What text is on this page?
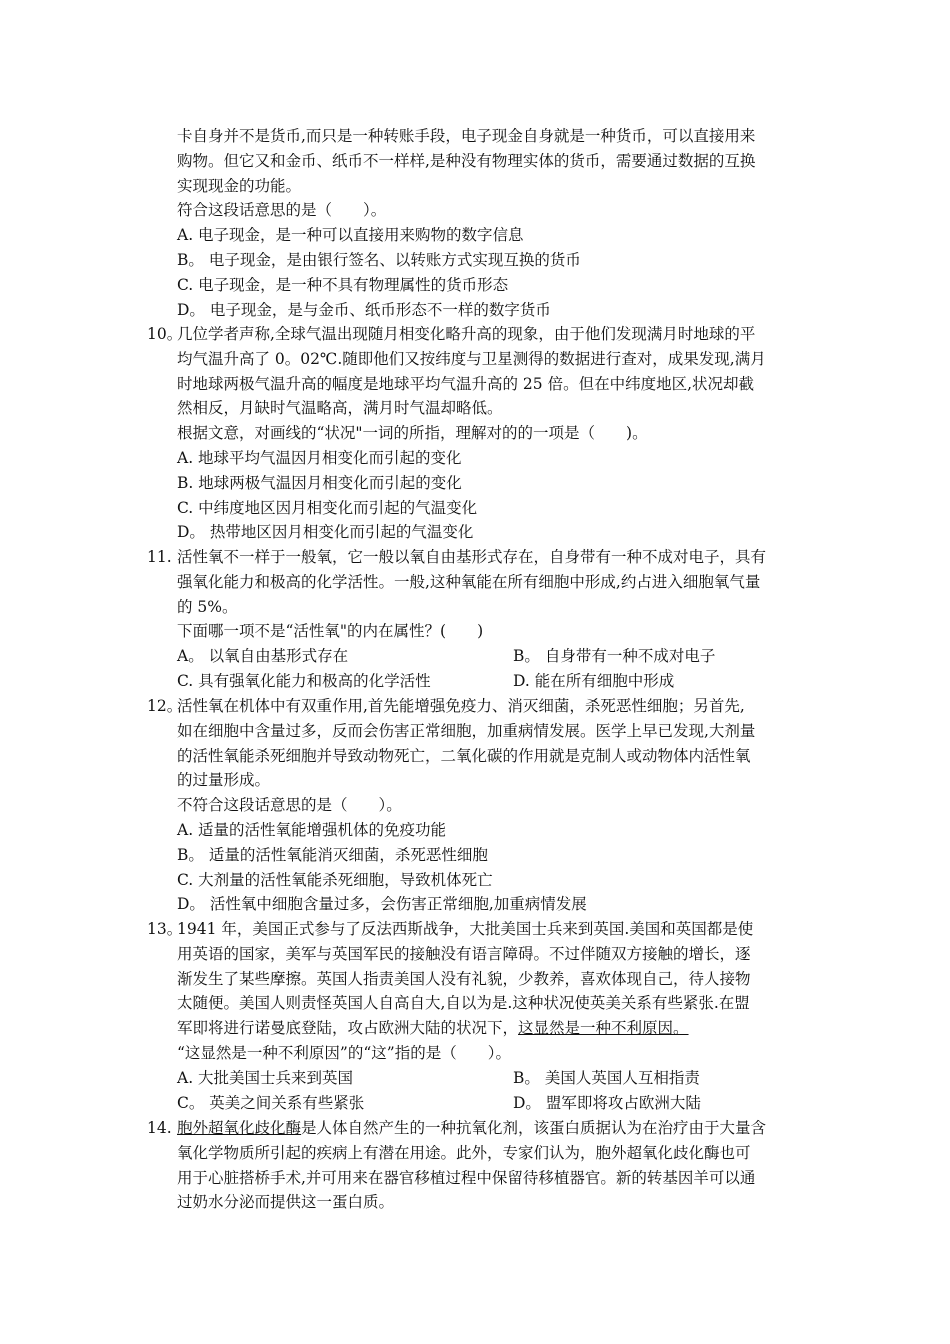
卡自身并不是货币,而只是一种转账手段，电子现金自身就是一种货币，可以直接用来
购物。但它又和金币、纸币不一样样,是种没有物理实体的货币，需要通过数据的互换
实现现金的功能。
符合这段话意思的是（　　）。
A. 电子现金，是一种可以直接用来购物的数字信息
B。 电子现金，是由银行签名、以转账方式实现互换的货币
C. 电子现金，是一种不具有物理属性的货币形态
D。 电子现金，是与金币、纸币形态不一样的数字货币
10。几位学者声称,全球气温出现随月相变化略升高的现象，由于他们发现满月时地球的平
均气温升高了 0。02℃.随即他们又按纬度与卫星测得的数据进行查对，成果发现,满月
时地球两极气温升高的幅度是地球平均气温升高的 25 倍。但在中纬度地区,状况却截
然相反，月缺时气温略高，满月时气温却略低。
根据文意，对画线的“状况"一词的所指，理解对的的一项是（　　)。
A. 地球平均气温因月相变化而引起的变化
B. 地球两极气温因月相变化而引起的变化
C. 中纬度地区因月相变化而引起的气温变化
D。 热带地区因月相变化而引起的气温变化
11. 活性氧不一样于一般氧，它一般以氧自由基形式存在，自身带有一种不成对电子，具有
强氧化能力和极高的化学活性。一般,这种氧能在所有细胞中形成,约占进入细胞氧气量
的 5%。
下面哪一项不是“活性氧"的内在属性？(　　)
A。 以氧自由基形式存在	B。 自身带有一种不成对电子
C. 具有强氧化能力和极高的化学活性	D. 能在所有细胞中形成
12。活性氧在机体中有双重作用,首先能增强免疫力、消灭细菌，杀死恶性细胞；另首先,
如在细胞中含量过多，反而会伤害正常细胞，加重病情发展。医学上早已发现,大剂量
的活性氧能杀死细胞并导致动物死亡，二氧化碳的作用就是克制人或动物体内活性氧
的过量形成。
不符合这段话意思的是（　　）。
A. 适量的活性氧能增强机体的免疫功能
B。 适量的活性氧能消灭细菌，杀死恶性细胞
C. 大剂量的活性氧能杀死细胞，导致机体死亡
D。 活性氧中细胞含量过多，会伤害正常细胞,加重病情发展
13。1941 年，美国正式参与了反法西斯战争，大批美国士兵来到英国.美国和英国都是使
用英语的国家，美军与英国军民的接触没有语言障碍。不过伴随双方接触的增长，逐
渐发生了某些摩擦。英国人指责美国人没有礼貌，少教养，喜欢体现自己，待人接物
太随便。美国人则责怪英国人自高自大,自以为是.这种状况使英美关系有些紧张.在盟
军即将进行诺曼底登陆，攻占欧洲大陆的状况下，这显然是一种不利原因。
“这显然是一种不利原因”的“这”指的是（　　）。
A. 大批美国士兵来到英国	B。 美国人英国人互相指责
C。 英美之间关系有些紧张	D。 盟军即将攻占欧洲大陆
14. 胞外超氧化歧化酶是人体自然产生的一种抗氧化剂，该蛋白质据认为在治疗由于大量含
氧化学物质所引起的疾病上有潜在用途。此外，专家们认为，胞外超氧化歧化酶也可
用于心脏搭桥手术,并可用来在器官移植过程中保留待移植器官。新的转基因羊可以通
过奶水分泌而提供这一蛋白质。
